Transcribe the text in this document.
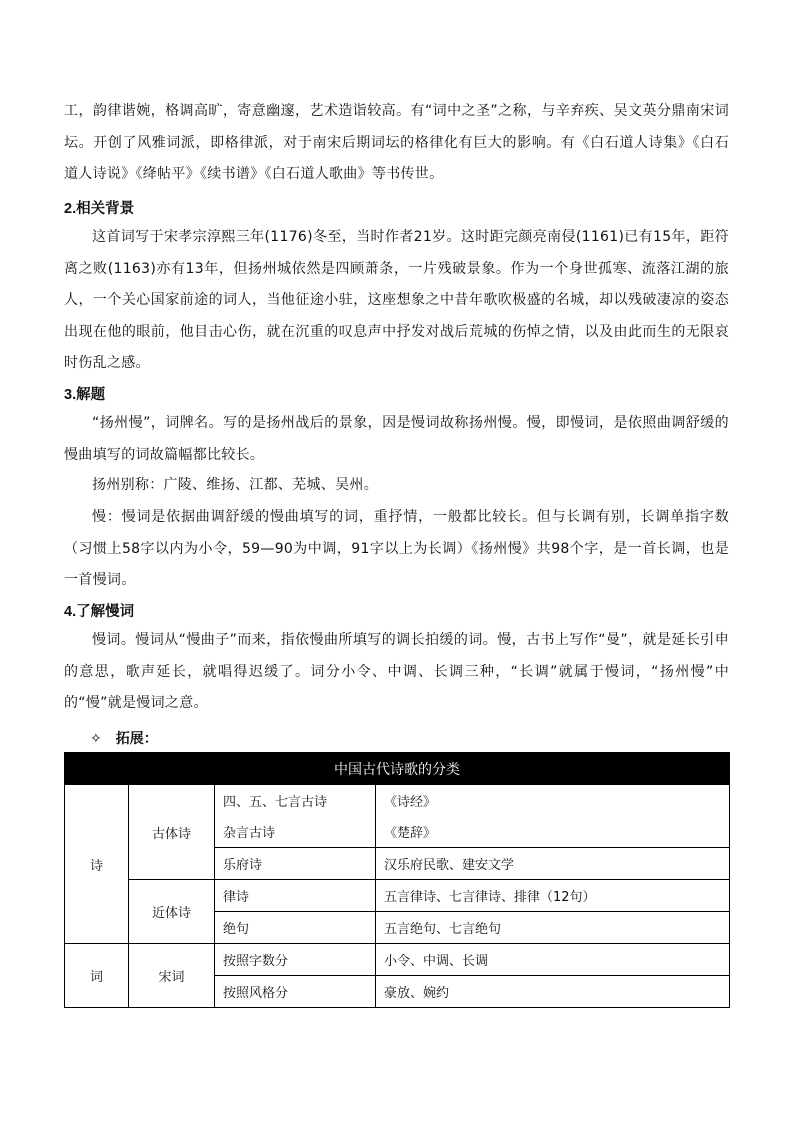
工，韵律谐婉，格调高旷，寄意幽邃，艺术造诣较高。有“词中之圣”之称，与辛弃疾、吴文英分鼎南宋词坛。开创了风雅词派，即格律派，对于南宋后期词坛的格律化有巨大的影响。有《白石道人诗集》《白石道人诗说》《绛帖平》《续书谱》《白石道人歌曲》等书传世。
2.相关背景
这首词写于宋孝宗淳熙三年(1176)冬至，当时作者21岁。这时距完颜亮南侵(1161)已有15年，距符离之败(1163)亦有13年，但扬州城依然是四顾萧条，一片残破景象。作为一个身世孤寒、流落江湖的旅人，一个关心国家前途的词人，当他征途小驻，这座想象之中昔年歌吹极盛的名城，却以残破凄凉的姿态出现在他的眼前，他目击心伤，就在沉重的叹息声中抒发对战后荒城的伤悼之情，以及由此而生的无限哀时伤乱之感。
3.解题
“扬州慢”，词牌名。写的是扬州战后的景象，因是慢词故称扬州慢。慢，即慢词，是依照曲调舒缓的慢曲填写的词故篇幅都比较长。
扬州别称：广陵、维扬、江都、芜城、吴州。
慢：慢词是依据曲调舒缓的慢曲填写的词，重抒情，一般都比较长。但与长调有别，长调单指字数（习惯上58字以内为小令，59—90为中调，91字以上为长调）《扬州慢》共98个字，是一首长调，也是一首慢词。
4.了解慢词
慢词。慢词从“慢曲子”而来，指依慢曲所填写的调长拍缓的词。慢，古书上写作“曼”，就是延长引申的意思，歌声延长，就唱得迟缓了。词分小令、中调、长调三种，“长调”就属于慢词，“扬州慢”中的“慢”就是慢词之意。
✧ 拓展：
中国古代诗歌的分类			
诗	古体诗	四、五、七言古诗	《诗经》
		杂言古诗	《楚辞》
		乐府诗	汉乐府民歌、建安文学
	近体诗	律诗	五言律诗、七言律诗、排律（12句）
		绝句	五言绝句、七言绝句
词	宋词	按照字数分	小令、中调、长调
		按照风格分	豪放、婉约
